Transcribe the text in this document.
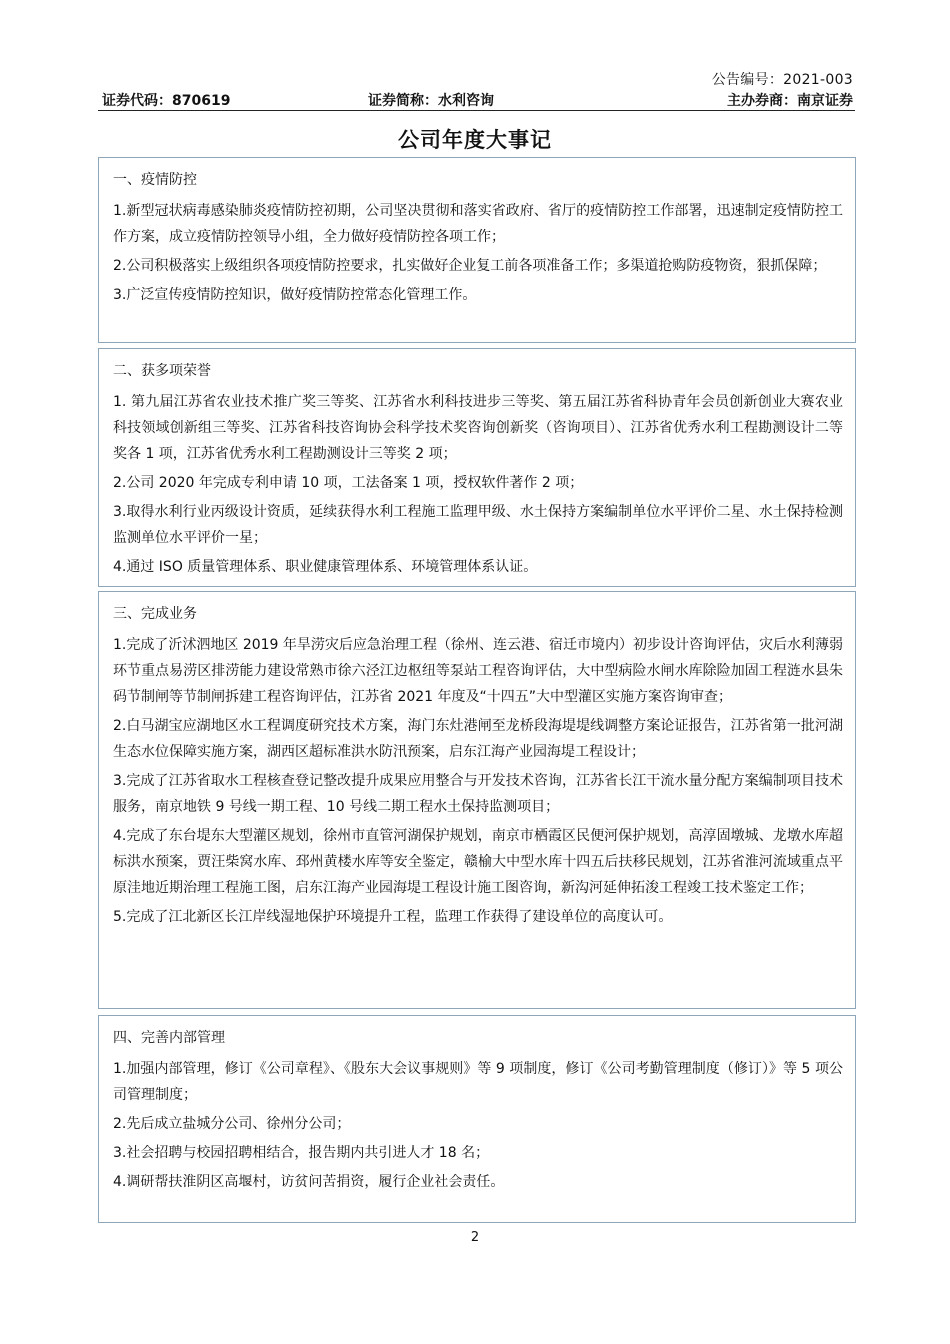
公告编号：2021-003
证券代码：870619	证券简称：水利咨询	主办券商：南京证券
公司年度大事记
一、疫情防控
1.新型冠状病毒感染肺炎疫情防控初期，公司坚决贯彻和落实省政府、省厅的疫情防控工作部署，迅速制定疫情防控工作方案，成立疫情防控领导小组，全力做好疫情防控各项工作；
2.公司积极落实上级组织各项疫情防控要求，扎实做好企业复工前各项准备工作；多渠道抢购防疫物资，狠抓保障；
3.广泛宣传疫情防控知识，做好疫情防控常态化管理工作。
二、获多项荣誉
1. 第九届江苏省农业技术推广奖三等奖、江苏省水利科技进步三等奖、第五届江苏省科协青年会员创新创业大赛农业科技领域创新组三等奖、江苏省科技咨询协会科学技术奖咨询创新奖（咨询项目）、江苏省优秀水利工程勘测设计二等奖各 1 项，江苏省优秀水利工程勘测设计三等奖 2 项；
2.公司 2020 年完成专利申请 10 项，工法备案 1 项，授权软件著作 2 项；
3.取得水利行业丙级设计资质，延续获得水利工程施工监理甲级、水土保持方案编制单位水平评价二星、水土保持检测监测单位水平评价一星；
4.通过 ISO 质量管理体系、职业健康管理体系、环境管理体系认证。
三、完成业务
1.完成了沂沭泗地区 2019 年旱涝灾后应急治理工程（徐州、连云港、宿迁市境内）初步设计咨询评估，灾后水利薄弱环节重点易涝区排涝能力建设常熟市徐六泾江边枢纽等泵站工程咨询评估，大中型病险水闸水库除险加固工程涟水县朱码节制闸等节制闸拆建工程咨询评估，江苏省 2021 年度及“十四五”大中型灌区实施方案咨询审查；
2.白马湖宝应湖地区水工程调度研究技术方案，海门东灶港闸至龙桥段海堤堤线调整方案论证报告，江苏省第一批河湖生态水位保障实施方案，湖西区超标准洪水防汛预案，启东江海产业园海堤工程设计；
3.完成了江苏省取水工程核查登记整改提升成果应用整合与开发技术咨询，江苏省长江干流水量分配方案编制项目技术服务，南京地铁 9 号线一期工程、10 号线二期工程水土保持监测项目；
4.完成了东台堤东大型灌区规划，徐州市直管河湖保护规划，南京市栖霞区民便河保护规划，高淳固墩城、龙墩水库超标洪水预案，贾汪柴窝水库、邳州黄楼水库等安全鉴定，赣榆大中型水库十四五后扶移民规划，江苏省淮河流域重点平原洼地近期治理工程施工图，启东江海产业园海堤工程设计施工图咨询，新沟河延伸拓浚工程竣工技术鉴定工作；
5.完成了江北新区长江岸线湿地保护环境提升工程，监理工作获得了建设单位的高度认可。
四、完善内部管理
1.加强内部管理，修订《公司章程》、《股东大会议事规则》等 9 项制度，修订《公司考勤管理制度（修订）》等 5 项公司管理制度；
2.先后成立盐城分公司、徐州分公司；
3.社会招聘与校园招聘相结合，报告期内共引进人才 18 名；
4.调研帮扶淮阴区高堰村，访贫问苦捐资，履行企业社会责任。
2
